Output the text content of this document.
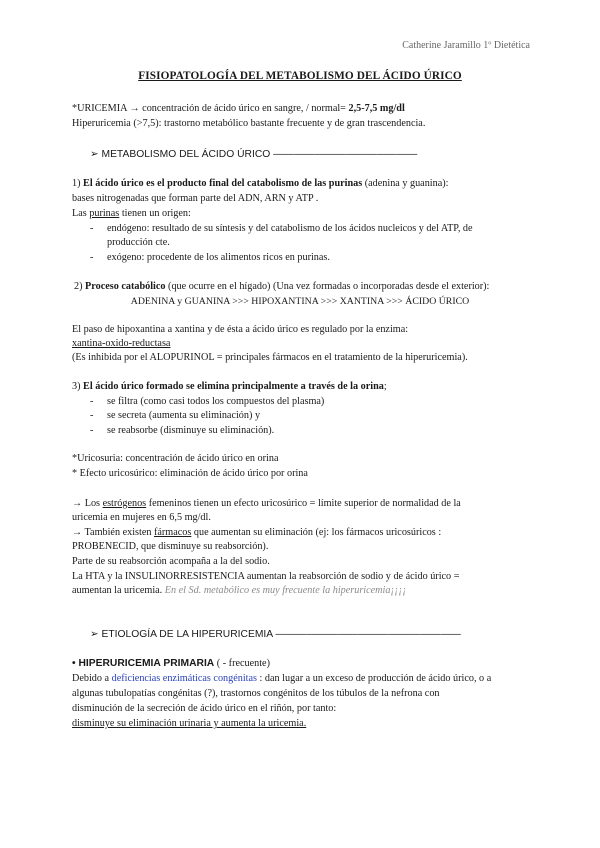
Catherine Jaramillo 1º Dietética
FISIOPATOLOGÍA DEL METABOLISMO DEL ÁCIDO ÚRICO
*URICEMIA → concentración de ácido úrico en sangre, / normal= 2,5-7,5 mg/dl
Hiperuricemia (>7,5): trastorno metabólico bastante frecuente y de gran trascendencia.
➢ METABOLISMO DEL ÁCIDO ÚRICO ——————————————
1) El ácido úrico es el producto final del catabolismo de las purinas (adenina y guanina):
bases nitrogenadas que forman parte del ADN, ARN y ATP .
Las purinas tienen un origen:
- endógeno: resultado de su síntesis y del catabolismo de los ácidos nucleicos y del ATP, de
producción cte.
- exógeno: procedente de los alimentos ricos en purinas.
2) Proceso catabólico (que ocurre en el hígado) (Una vez formadas o incorporadas desde el exterior):
ADENINA y GUANINA >>> HIPOXANTINA >>> XANTINA >>> ÁCIDO ÚRICO
El paso de hipoxantina a xantina y de ésta a ácido úrico es regulado por la enzima:
xantina-oxido-reductasa
(Es inhibida por el ALOPURINOL = principales fármacos en el tratamiento de la hiperuricemia).
3) El ácido úrico formado se elimina principalmente a través de la orina;
- se filtra (como casi todos los compuestos del plasma)
- se secreta (aumenta su eliminación) y
- se reabsorbe (disminuye su eliminación).
*Uricosuria: concentración de ácido úrico en orina
* Efecto uricosúrico: eliminación de ácido úrico por orina
→ Los estrógenos femeninos tienen un efecto uricosúrico = límite superior de normalidad de la
uricemia en mujeres en 6,5 mg/dl.
→ También existen fármacos que aumentan su eliminación (ej: los fármacos uricosúricos :
PROBENECID, que disminuye su reabsorción).
Parte de su reabsorción acompaña a la del sodio.
La HTA y la INSULINORRESISTENCIA aumentan la reabsorción de sodio y de ácido úrico =
aumentan la uricemia. En el Sd. metabólico es muy frecuente la hiperuricemia¡¡¡¡
➢ ETIOLOGÍA DE LA HIPERURICEMIA ——————————————————
• HIPERURICEMIA PRIMARIA ( - frecuente)
Debido a deficiencias enzimáticas congénitas : dan lugar a un exceso de producción de ácido úrico, o a
algunas tubulopatías congénitas (?), trastornos congénitos de los túbulos de la nefrona con
disminución de la secreción de ácido úrico en el riñón, por tanto:
disminuye su eliminación urinaria y aumenta la uricemia.
